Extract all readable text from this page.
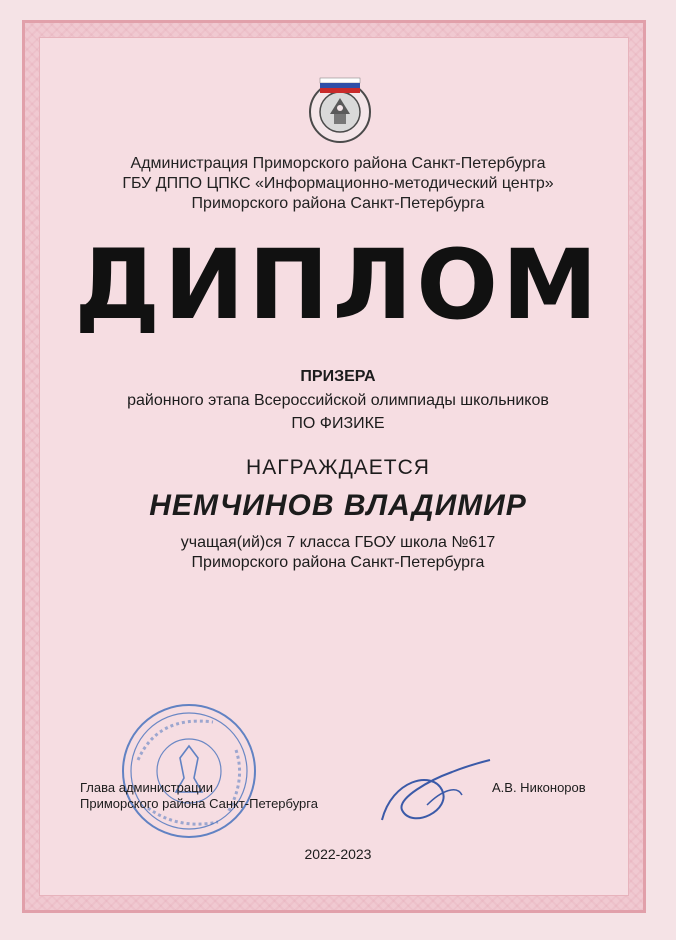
Администрация Приморского района Санкт-Петербурга
ГБУ ДППО ЦПКС «Информационно-методический центр»
Приморского района Санкт-Петербурга
ДИПЛОМ
ПРИЗЕРА
районного этапа Всероссийской олимпиады школьников
ПО ФИЗИКЕ
НАГРАЖДАЕТСЯ
НЕМЧИНОВ ВЛАДИМИР
учащая(ий)ся 7 класса ГБОУ школа №617
Приморского района Санкт-Петербурга
Глава администрации
Приморского района Санкт-Петербурга
А.В. Никоноров
2022-2023
